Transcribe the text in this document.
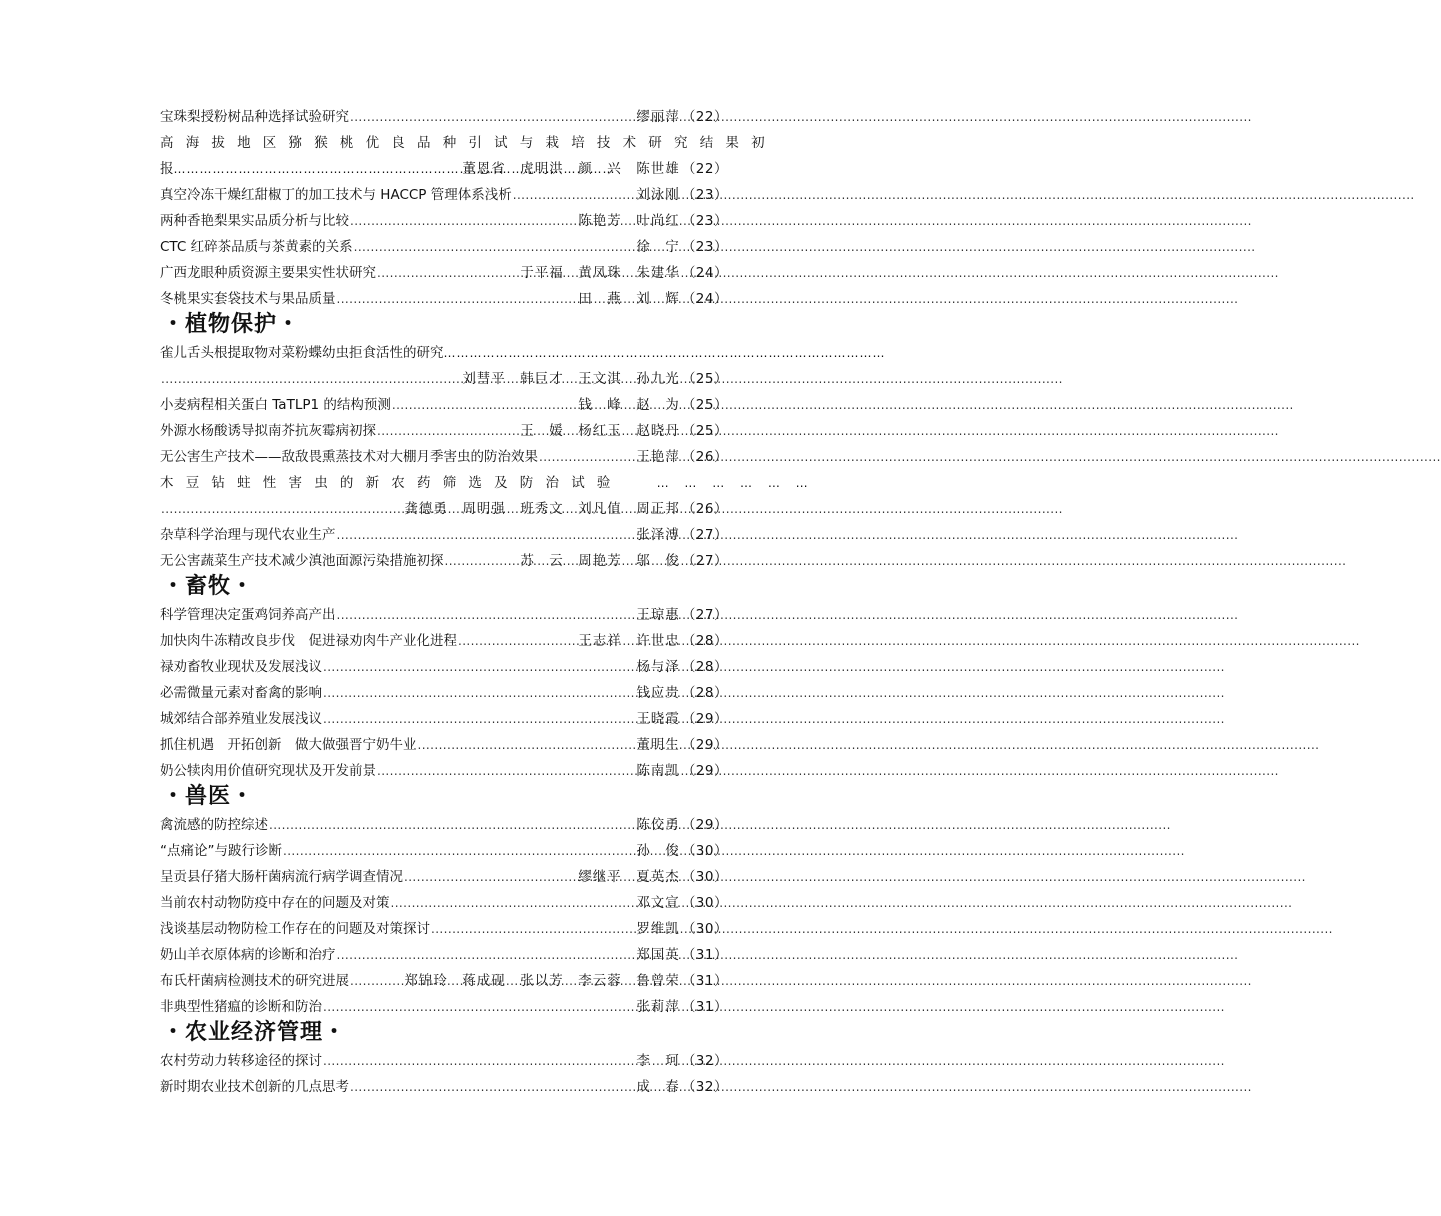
宝珠梨授粉树品种选择试验研究 .....	缪丽萍 （22）
高海拔地区猕猴桃优良品种引试与栽培技术研究结果初
报 …………………………………………………………………………………………	董恩省　虎明洪　颜　兴　陈世雄 （22）
真空冷冻干燥红甜椒丁的加工技术与 HACCP 管理体系浅析 .....	刘泳刚 （23）
两种香艳梨果实品质分析与比较 .....	陈艳芳　叶尚红 （23）
CTC 红碎茶品质与茶黄素的关系 .....	徐　宁 （23）
广西龙眼种质资源主要果实性状研究 .....	于平福　黄凤珠　朱建华 （24）
冬桃果实套袋技术与果品质量 .....	田　燕　刘　辉 （24）
・植物保护・
雀儿舌头根提取物对菜粉蝶幼虫拒食活性的研究
…………………………………………………………………………………………
.....
刘彗平　韩巨才　王文淇　孙九光 （25）
小麦病程相关蛋白 TaTLP1 的结构预测 .....	钱　峰　赵　为 （25）
外源水杨酸诱导拟南芥抗灰霉病初探 .....	王　媛　杨红玉　赵晓丹 （25）
无公害生产技术——敌敌畏熏蒸技术对大棚月季害虫的防治效果 .....	王艳萍 （26）
木豆钻蛀性害虫的新农药筛选及防治试验	… … … … … …
.....
龚德勇　周明强　班秀文　刘凡值　周正邦 （26）
杂草科学治理与现代农业生产 .....	张泽溥 （27）
无公害蔬菜生产技术减少滇池面源污染措施初探 .....	苏　云　周艳芳　邬　俊 （27）
・畜牧・
科学管理决定蛋鸡饲养高产出 .....	王琼惠 （27）
加快肉牛冻精改良步伐　促进禄劝肉牛产业化进程 .....	王志祥　许世忠 （28）
禄劝畜牧业现状及发展浅议 .....	杨与泽 （28）
必需微量元素对畜禽的影响 .....	钱应贵 （28）
城郊结合部养殖业发展浅议 .....	王晓霞 （29）
抓住机遇　开拓创新　做大做强晋宁奶牛业 .....	董明生 （29）
奶公犊肉用价值研究现状及开发前景 .....	陈南凯 （29）
・兽医・
禽流感的防控综述 .....	陈佼勇 （29）
“点痛论”与跛行诊断 .....	孙　俊 （30）
呈贡县仔猪大肠杆菌病流行病学调查情况 .....	缪继平　夏英杰 （30）
当前农村动物防疫中存在的问题及对策 .....	邓文宣 （30）
浅谈基层动物防检工作存在的问题及对策探讨 .....	罗维凯 （30）
奶山羊衣原体病的诊断和治疗 .....	郑国英 （31）
布氏杆菌病检测技术的研究进展 .....	郑锦玲　蒋成砚　张以芳　李云蓉　鲁曾荣 （31）
非典型性猪瘟的诊断和防治 .....	张莉萍 （31）
・农业经济管理・
农村劳动力转移途径的探讨 .....	李　珂 （32）
新时期农业技术创新的几点思考 .....	成　春 （32）
